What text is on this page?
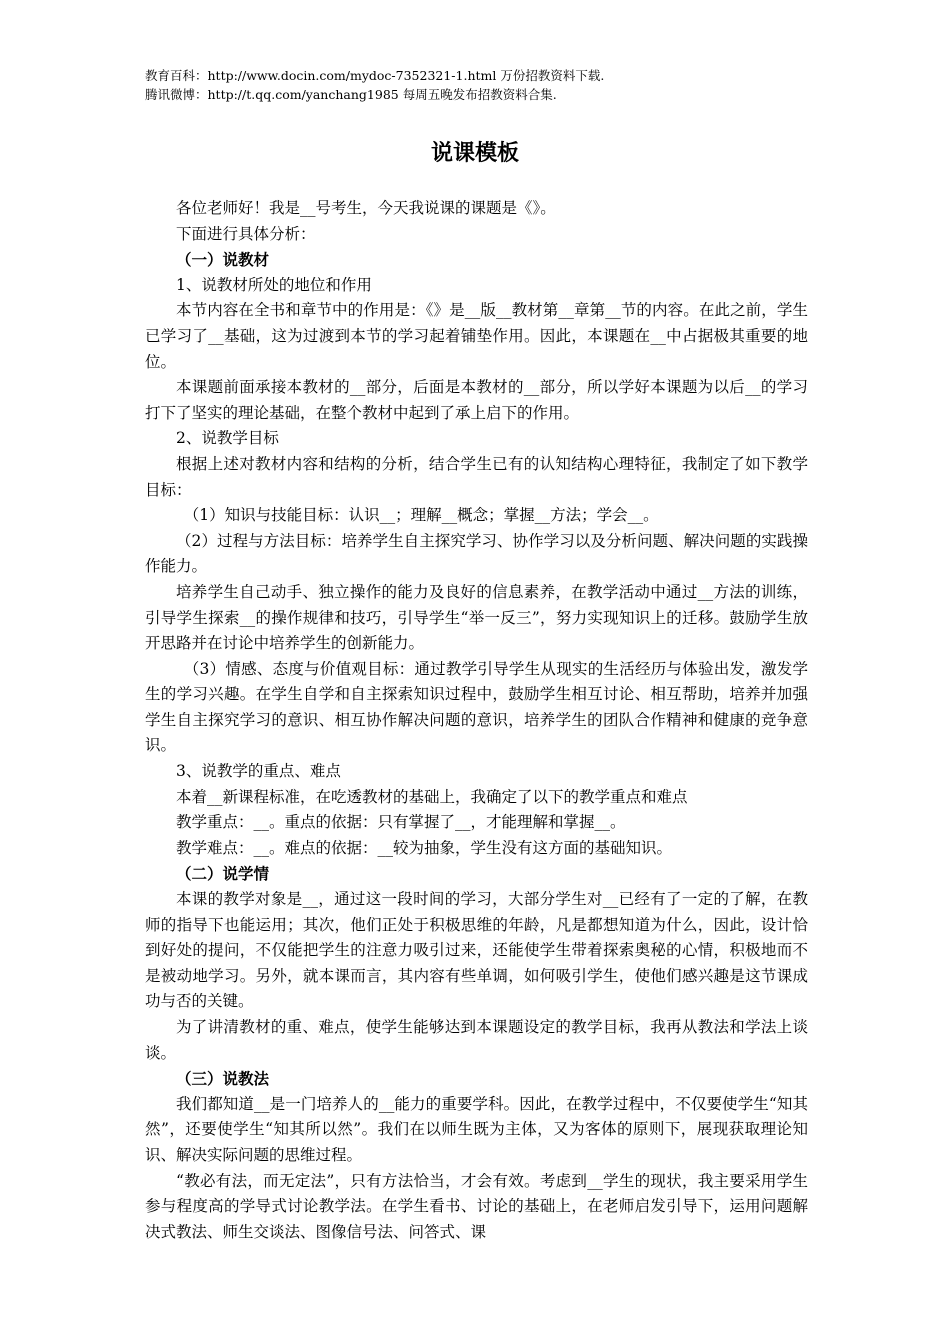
教育百科：http://www.docin.com/mydoc-7352321-1.html 万份招教资料下载.
腾讯微博：http://t.qq.com/yanchang1985 每周五晚发布招教资料合集.
说课模板

各位老师好！我是__号考生，今天我说课的课题是《》。

下面进行具体分析：

（一）说教材

1、说教材所处的地位和作用

本节内容在全书和章节中的作用是：《》是__版__教材第__章第__节的内容。在此之前，学生已学习了__基础，这为过渡到本节的学习起着铺垫作用。因此，本课题在__中占据极其重要的地位。

本课题前面承接本教材的__部分，后面是本教材的__部分，所以学好本课题为以后__的学习打下了坚实的理论基础，在整个教材中起到了承上启下的作用。

2、说教学目标

根据上述对教材内容和结构的分析，结合学生已有的认知结构心理特征，我制定了如下教学目标：

（1）知识与技能目标：认识__；理解__概念；掌握__方法；学会__。

（2）过程与方法目标：培养学生自主探究学习、协作学习以及分析问题、解决问题的实践操作能力。

培养学生自己动手、独立操作的能力及良好的信息素养，在教学活动中通过__方法的训练，引导学生探索__的操作规律和技巧，引导学生“举一反三”，努力实现知识上的迁移。鼓励学生放开思路并在讨论中培养学生的创新能力。

（3）情感、态度与价值观目标：通过教学引导学生从现实的生活经历与体验出发，激发学生的学习兴趣。在学生自学和自主探索知识过程中，鼓励学生相互讨论、相互帮助，培养并加强学生自主探究学习的意识、相互协作解决问题的意识，培养学生的团队合作精神和健康的竞争意识。

3、说教学的重点、难点

本着__新课程标准，在吃透教材的基础上，我确定了以下的教学重点和难点

教学重点：__。重点的依据：只有掌握了__，才能理解和掌握__。

教学难点：__。难点的依据：__较为抽象，学生没有这方面的基础知识。

（二）说学情

本课的教学对象是__，通过这一段时间的学习，大部分学生对__已经有了一定的了解，在教师的指导下也能运用；其次，他们正处于积极思维的年龄，凡是都想知道为什么，因此，设计恰到好处的提问，不仅能把学生的注意力吸引过来，还能使学生带着探索奥秘的心情，积极地而不是被动地学习。另外，就本课而言，其内容有些单调，如何吸引学生，使他们感兴趣是这节课成功与否的关键。

为了讲清教材的重、难点，使学生能够达到本课题设定的教学目标，我再从教法和学法上谈谈。

（三）说教法

我们都知道__是一门培养人的__能力的重要学科。因此，在教学过程中，不仅要使学生“知其然”，还要使学生“知其所以然”。我们在以师生既为主体，又为客体的原则下，展现获取理论知识、解决实际问题的思维过程。

“教必有法，而无定法”，只有方法恰当，才会有效。考虑到__学生的现状，我主要采用学生参与程度高的学导式讨论教学法。在学生看书、讨论的基础上，在老师启发引导下，运用问题解决式教法、师生交谈法、图像信号法、问答式、课
